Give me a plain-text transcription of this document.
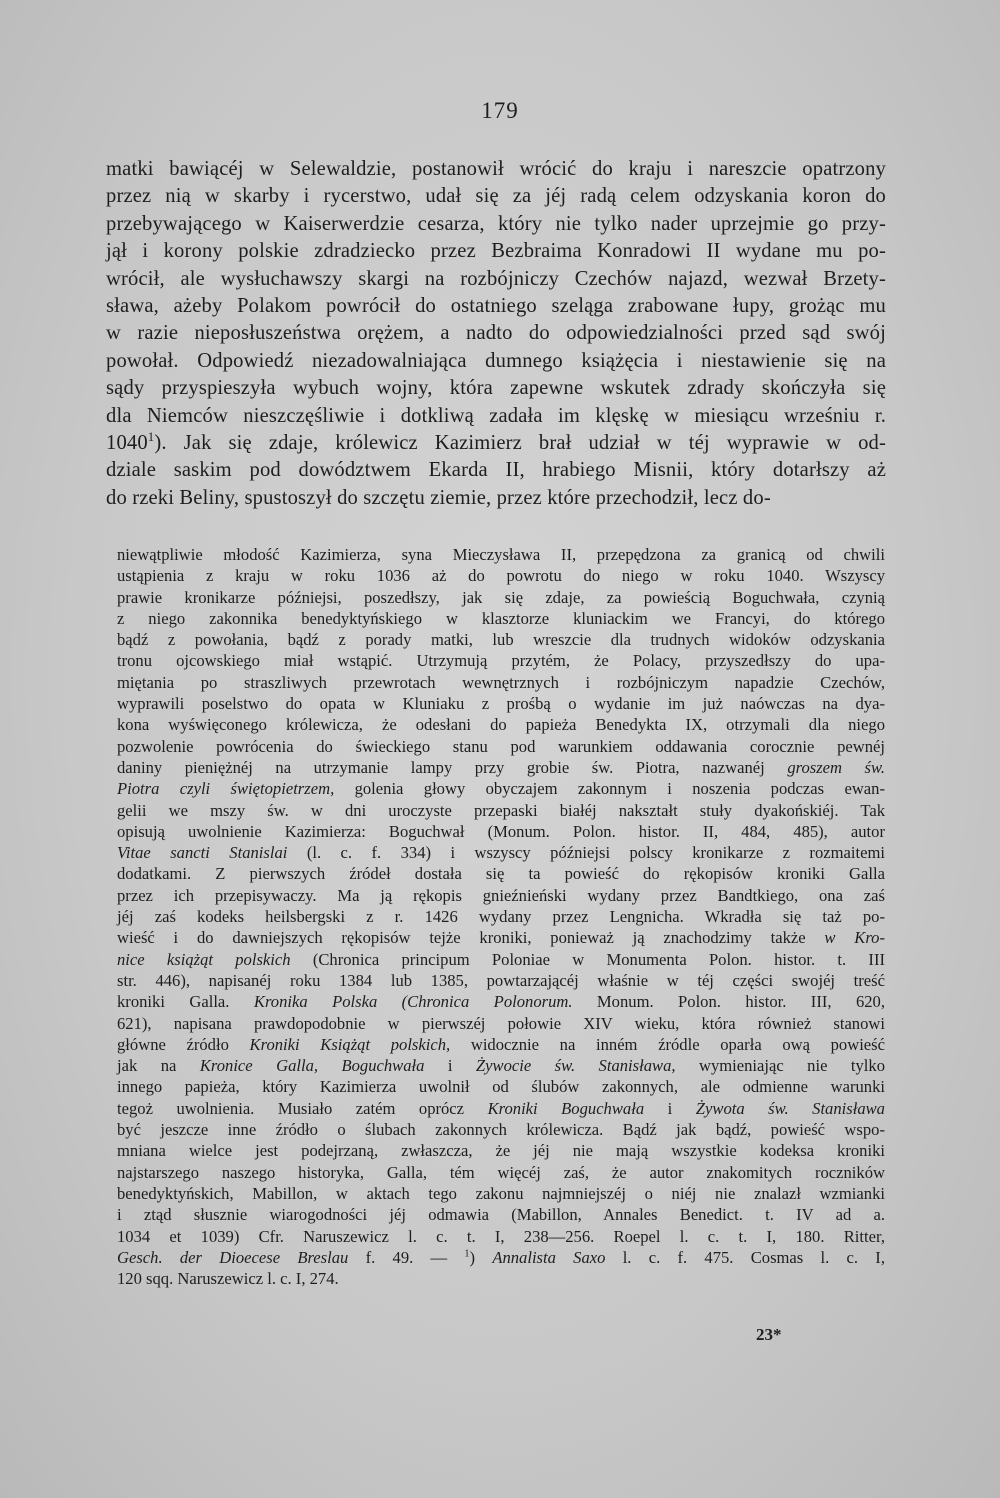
179
matki bawiącéj w Selewaldzie, postanowił wrócić do kraju i nareszcie opatrzony
przez nią w skarby i rycerstwo, udał się za jéj radą celem odzyskania koron do
przebywającego w Kaiserwerdzie cesarza, który nie tylko nader uprzejmie go przy-
jął i korony polskie zdradziecko przez Bezbraima Konradowi II wydane mu po-
wrócił, ale wysłuchawszy skargi na rozbójniczy Czechów najazd, wezwał Brzety-
sława, ażeby Polakom powrócił do ostatniego szeląga zrabowane łupy, grożąc mu
w razie nieposłuszeństwa orężem, a nadto do odpowiedzialności przed sąd swój
powołał. Odpowiedź niezadowalniająca dumnego książęcia i niestawienie się na
sądy przyspieszyła wybuch wojny, która zapewne wskutek zdrady skończyła się
dla Niemców nieszczęśliwie i dotkliwą zadała im klęskę w miesiącu wrześniu r.
1040$^1$). Jak się zdaje, królewicz Kazimierz brał udział w téj wyprawie w od-
dziale saskim pod dowództwem Ekarda II, hrabiego Misnii, który dotarłszy aż
do rzeki Beliny, spustoszył do szczętu ziemie, przez które przechodził, lecz do-
niewątpliwie młodość Kazimierza, syna Mieczysława II, przepędzona za granicą od chwili
ustąpienia z kraju w roku 1036 aż do powrotu do niego w roku 1040. Wszyscy
prawie kronikarze późniejsi, poszedłszy, jak się zdaje, za powieścią Boguchwała, czynią
z niego zakonnika benedyktyńskiego w klasztorze kluniackim we Francyi, do którego
bądź z powołania, bądź z porady matki, lub wreszcie dla trudnych widoków odzyskania
tronu ojcowskiego miał wstąpić. Utrzymują przytém, że Polacy, przyszedłszy do upa-
miętania po straszliwych przewrotach wewnętrznych i rozbójniczym napadzie Czechów,
wyprawili poselstwo do opata w Kluniaku z prośbą o wydanie im już naówczas na dya-
kona wyświęconego królewicza, że odesłani do papieża Benedykta IX, otrzymali dla niego
pozwolenie powrócenia do świeckiego stanu pod warunkiem oddawania corocznie pewnéj
daniny pieniężnéj na utrzymanie lampy przy grobie św. Piotra, nazwanéj groszem św.
Piotra czyli świętopietrzem, golenia głowy obyczajem zakonnym i noszenia podczas ewan-
gelii we mszy św. w dni uroczyste przepaski białéj nakształt stuły dyakońskiéj. Tak
opisują uwolnienie Kazimierza: Boguchwał (Monum. Polon. histor. II, 484, 485), autor
Vitae sancti Stanislai (l. c. f. 334) i wszyscy późniejsi polscy kronikarze z rozmaitemi
dodatkami. Z pierwszych źródeł dostała się ta powieść do rękopisów kroniki Galla
przez ich przepisywaczy. Ma ją rękopis gnieźnieński wydany przez Bandtkiego, ona zaś
jéj zaś kodeks heilsbergski z r. 1426 wydany przez Lengnicha. Wkradła się taż po-
wieść i do dawniejszych rękopisów tejże kroniki, ponieważ ją znachodzimy także w Kro-
nice książąt polskich (Chronica principum Poloniae w Monumenta Polon. histor. t. III
str. 446), napisanéj roku 1384 lub 1385, powtarzającéj właśnie w téj części swojéj treść
kroniki Galla. Kronika Polska (Chronica Polonorum. Monum. Polon. histor. III, 620,
621), napisana prawdopodobnie w pierwszéj połowie XIV wieku, która również stanowi
główne źródło Kroniki Książąt polskich, widocznie na inném źródle oparła ową powieść
jak na Kronice Galla, Boguchwała i Żywocie św. Stanisława, wymieniając nie tylko
innego papieża, który Kazimierza uwolnił od ślubów zakonnych, ale odmienne warunki
tegoż uwolnienia. Musiało zatém oprócz Kroniki Boguchwała i Żywota św. Stanisława
być jeszcze inne źródło o ślubach zakonnych królewicza. Bądź jak bądź, powieść wspo-
mniana wielce jest podejrzaną, zwłaszcza, że jéj nie mają wszystkie kodeksa kroniki
najstarszego naszego historyka, Galla, tém więcéj zaś, że autor znakomitych roczników
benedyktyńskich, Mabillon, w aktach tego zakonu najmniejszéj o niéj nie znalazł wzmianki
i ztąd słusznie wiarogodności jéj odmawia (Mabillon, Annales Benedict. t. IV ad a.
1034 et 1039) Cfr. Naruszewicz l. c. t. I, 238—256. Roepel l. c. t. I, 180. Ritter,
Gesch. der Dioecese Breslau f. 49. — $^1$) Annalista Saxo l. c. f. 475. Cosmas l. c. I,
120 sqq. Naruszewicz l. c. I, 274.
23*
